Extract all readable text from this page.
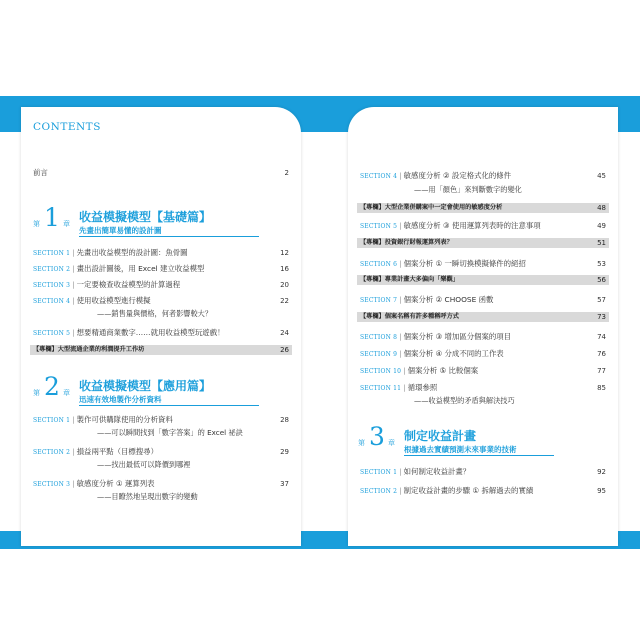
CONTENTS
前言	2
第 1 章 收益模擬模型【基礎篇】
先畫出簡單易懂的設計圖
SECTION 1 | 先畫出收益模型的設計圖：魚骨圖	12
SECTION 2 | 畫出設計圖後，用 Excel 建立收益模型	16
SECTION 3 | 一定要檢查收益模型的計算過程	20
SECTION 4 | 使用收益模型進行模擬	22
——銷售量與價格，何者影響較大？
SECTION 5 | 想要精通商業數字……就用收益模型玩遊戲！	24
【專欄】大型流通企業的利潤提升工作坊	26
第 2 章 收益模擬模型【應用篇】
迅速有效地製作分析資料
SECTION 1 | 製作可供購隊使用的分析資料	28
——可以瞬間找到「數字答案」的 Excel 祕訣
SECTION 2 | 損益兩平點（目標搜尋）	29
——找出最低可以降價到哪裡
SECTION 3 | 敏感度分析 ① 運算列表	37
——目瞭然地呈現出數字的變動
SECTION 4 | 敏感度分析 ② 設定格式化的條件	45
——用「顏色」來判斷數字的變化
【專欄】大型企業併購案中一定會使用的敏感度分析	48
SECTION 5 | 敏感度分析 ③ 使用運算列表時的注意事項	49
【專欄】投資銀行財報運算列表？	51
SECTION 6 | 個案分析 ① 一瞬切換模擬條件的絕招	53
【專欄】專業計畫大多偏向「樂觀」	56
SECTION 7 | 個案分析 ② CHOOSE 函數	57
【專欄】個案名稱有許多種稱呼方式	73
SECTION 8 | 個案分析 ③ 增加區分個案的項目	74
SECTION 9 | 個案分析 ④ 分成不同的工作表	76
SECTION 10 | 個案分析 ⑤ 比較個案	77
SECTION 11 | 循環參照	85
——收益模型的矛盾與解決技巧
第 3 章 制定收益計畫
根據過去實績預測未來事業的技術
SECTION 1 | 如何制定收益計畫？	92
SECTION 2 | 制定收益計畫的步驟 ① 拆解過去的實績	95
